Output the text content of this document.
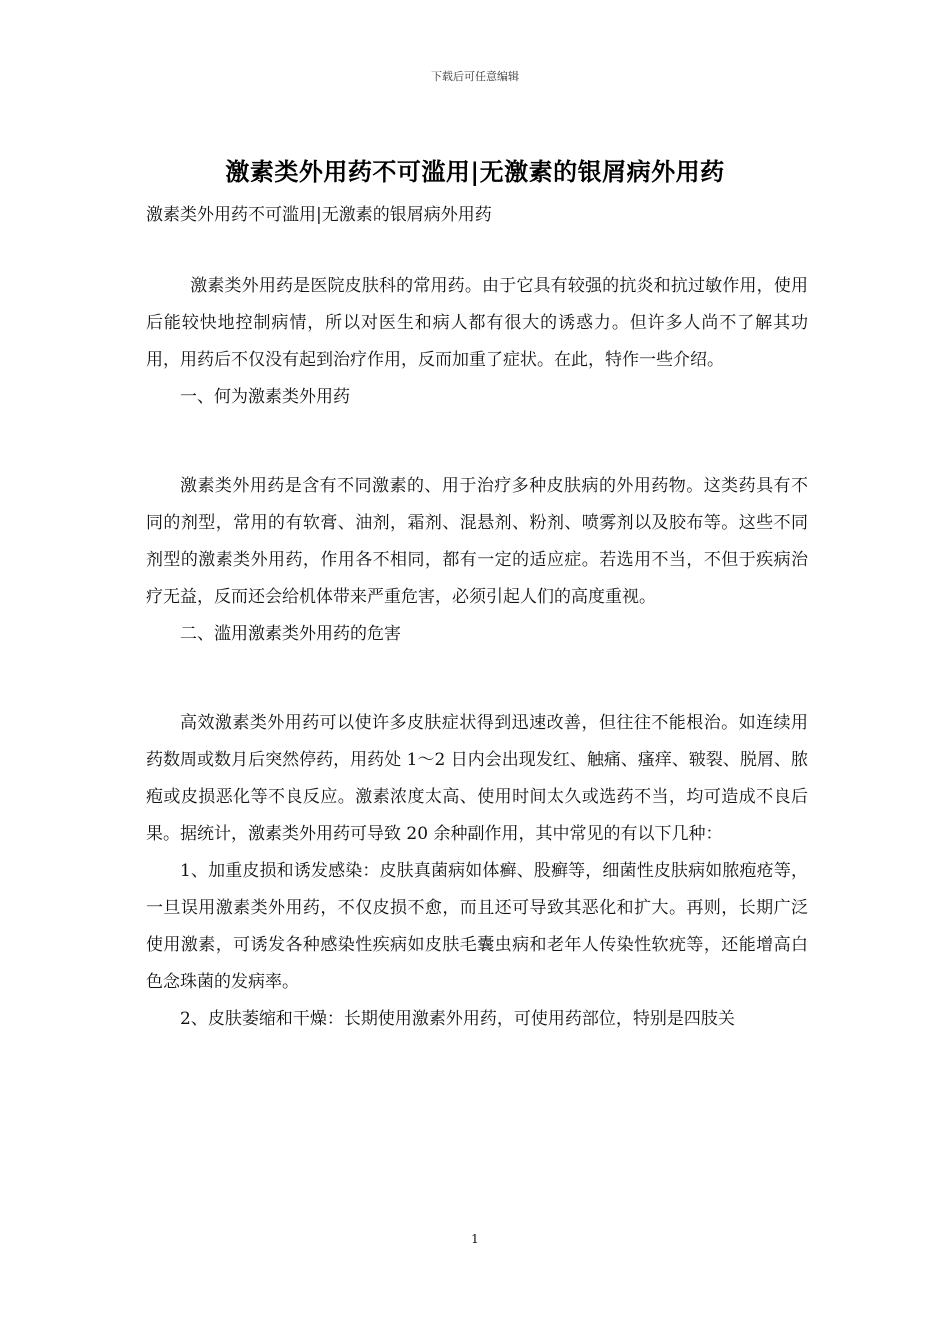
下载后可任意编辑
激素类外用药不可滥用|无激素的银屑病外用药
激素类外用药不可滥用|无激素的银屑病外用药

激素类外用药是医院皮肤科的常用药。由于它具有较强的抗炎和抗过敏作用，使用后能较快地控制病情，所以对医生和病人都有很大的诱惑力。但许多人尚不了解其功用，用药后不仅没有起到治疗作用，反而加重了症状。在此，特作一些介绍。

一、何为激素类外用药

激素类外用药是含有不同激素的、用于治疗多种皮肤病的外用药物。这类药具有不同的剂型，常用的有软膏、油剂，霜剂、混悬剂、粉剂、喷雾剂以及胶布等。这些不同剂型的激素类外用药，作用各不相同，都有一定的适应症。若选用不当，不但于疾病治疗无益，反而还会给机体带来严重危害，必须引起人们的高度重视。

二、滥用激素类外用药的危害

高效激素类外用药可以使许多皮肤症状得到迅速改善，但往往不能根治。如连续用药数周或数月后突然停药，用药处 1～2 日内会出现发红、触痛、瘙痒、皲裂、脱屑、脓疱或皮损恶化等不良反应。激素浓度太高、使用时间太久或选药不当，均可造成不良后果。据统计，激素类外用药可导致 20 余种副作用，其中常见的有以下几种：

1、加重皮损和诱发感染：皮肤真菌病如体癣、股癣等，细菌性皮肤病如脓疱疮等，一旦误用激素类外用药，不仅皮损不愈，而且还可导致其恶化和扩大。再则，长期广泛使用激素，可诱发各种感染性疾病如皮肤毛囊虫病和老年人传染性软疣等，还能增高白色念珠菌的发病率。

2、皮肤萎缩和干燥：长期使用激素外用药，可使用药部位，特别是四肢关

1
